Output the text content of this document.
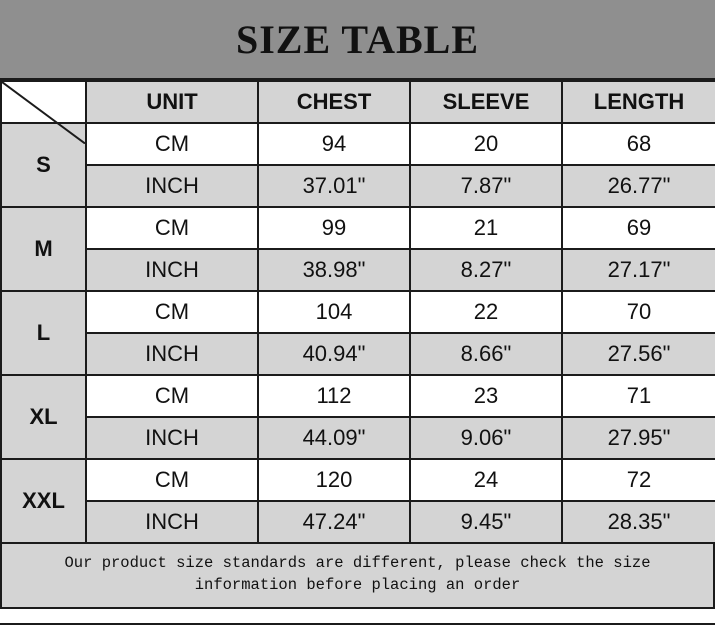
SIZE TABLE
	UNIT	CHEST	SLEEVE	LENGTH
S	CM	94	20	68
	INCH	37.01"	7.87"	26.77"
M	CM	99	21	69
	INCH	38.98"	8.27"	27.17"
L	CM	104	22	70
	INCH	40.94"	8.66"	27.56"
XL	CM	112	23	71
	INCH	44.09"	9.06"	27.95"
XXL	CM	120	24	72
	INCH	47.24"	9.45"	28.35"
Our product size standards are different, please check the size information before placing an order
